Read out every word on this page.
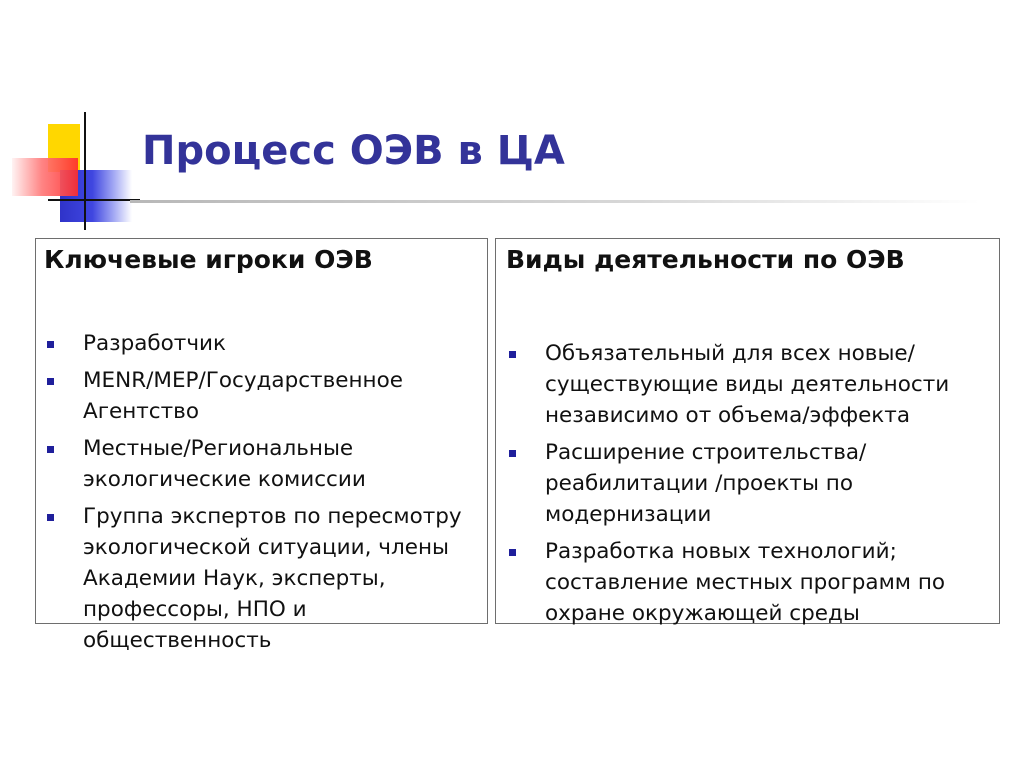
Процесс ОЭВ в ЦА
Ключевые игроки ОЭВ
Разработчик
MENR/MEP/Государственное Агентство
Местные/Региональные экологические комиссии
Группа экспертов по пересмотру экологической ситуации, члены Академии Наук, эксперты, профессоры, НПО и общественность
Виды деятельности по ОЭВ
Объязательный для всех новые/существующие виды деятельности независимо от объема/эффекта
Расширение строительства/реабилитации /проекты по модернизации
Разработка новых технологий; составление местных программ по охране окружающей среды
